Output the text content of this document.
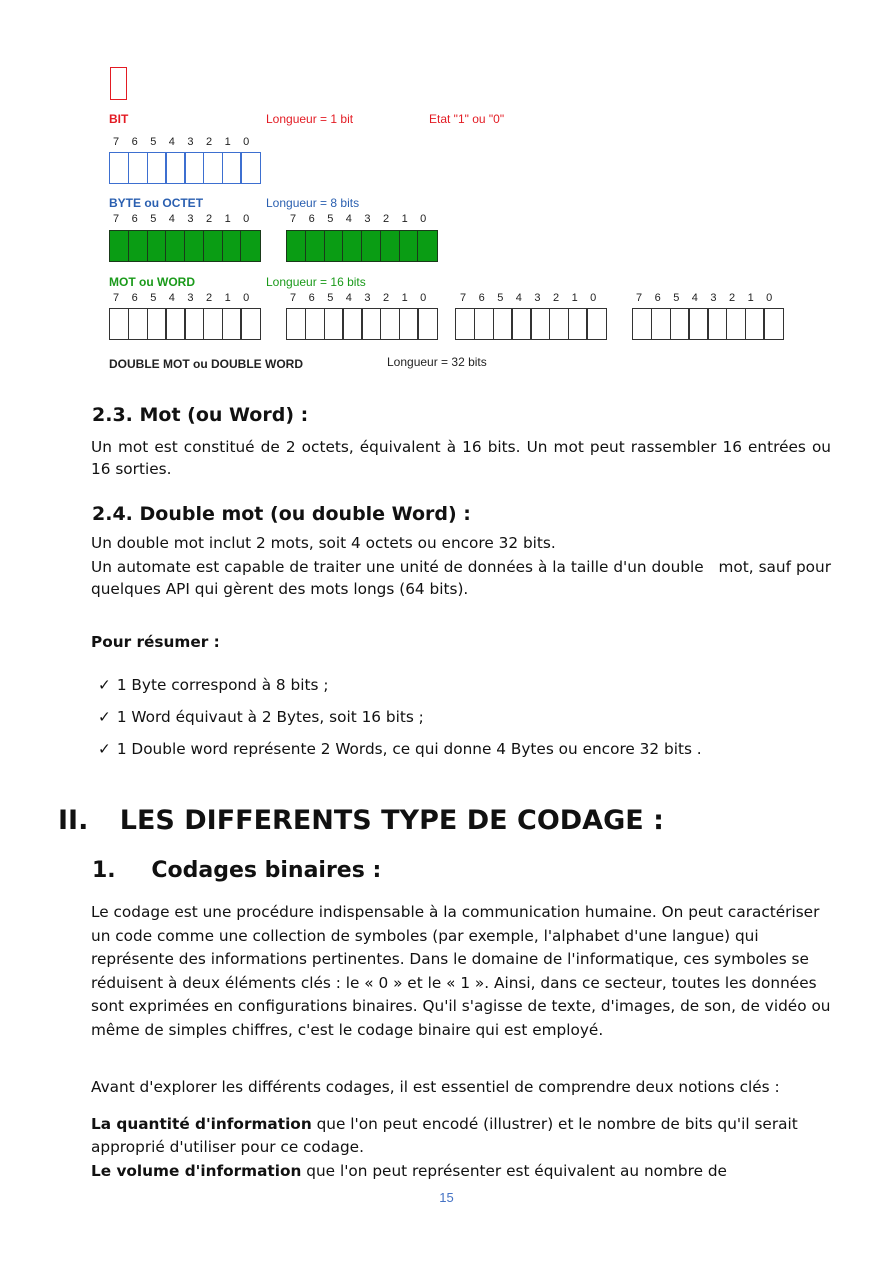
BIT	Longueur = 1 bit	Etat "1" ou "0"
7 6 5 4 3 2 1 0
BYTE ou OCTET	Longueur = 8 bits
7 6 5 4 3 2 1 0	7 6 5 4 3 2 1 0
MOT ou WORD	Longueur = 16 bits
7 6 5 4 3 2 1 0	7 6 5 4 3 2 1 0	7 6 5 4 3 2 1 0	7 6 5 4 3 2 1 0
DOUBLE MOT ou DOUBLE WORD	Longueur = 32 bits
2.3. Mot (ou Word) :
Un mot est constitué de 2 octets, équivalent à 16 bits. Un mot peut rassembler 16 entrées ou 16 sorties.
2.4. Double mot (ou double Word) :
Un double mot inclut 2 mots, soit 4 octets ou encore 32 bits.
Un automate est capable de traiter une unité de données à la taille d'un double   mot, sauf pour quelques API qui gèrent des mots longs (64 bits).
Pour résumer :
✓ 1 Byte correspond à 8 bits ;
✓ 1 Word équivaut à 2 Bytes, soit 16 bits ;
✓ 1 Double word représente 2 Words, ce qui donne 4 Bytes ou encore 32 bits .
II. LES DIFFERENTS TYPE DE CODAGE :
1. Codages binaires :
Le codage est une procédure indispensable à la communication humaine. On peut caractériser un code comme une collection de symboles (par exemple, l'alphabet d'une langue) qui représente des informations pertinentes. Dans le domaine de l'informatique, ces symboles se réduisent à deux éléments clés : le « 0 » et le « 1 ». Ainsi, dans ce secteur, toutes les données sont exprimées en configurations binaires. Qu'il s'agisse de texte, d'images, de son, de vidéo ou même de simples chiffres, c'est le codage binaire qui est employé.
Avant d'explorer les différents codages, il est essentiel de comprendre deux notions clés :
La quantité d'information que l'on peut encodé (illustrer) et le nombre de bits qu'il serait approprié d'utiliser pour ce codage.
Le volume d'information que l'on peut représenter est équivalent au nombre de
15
